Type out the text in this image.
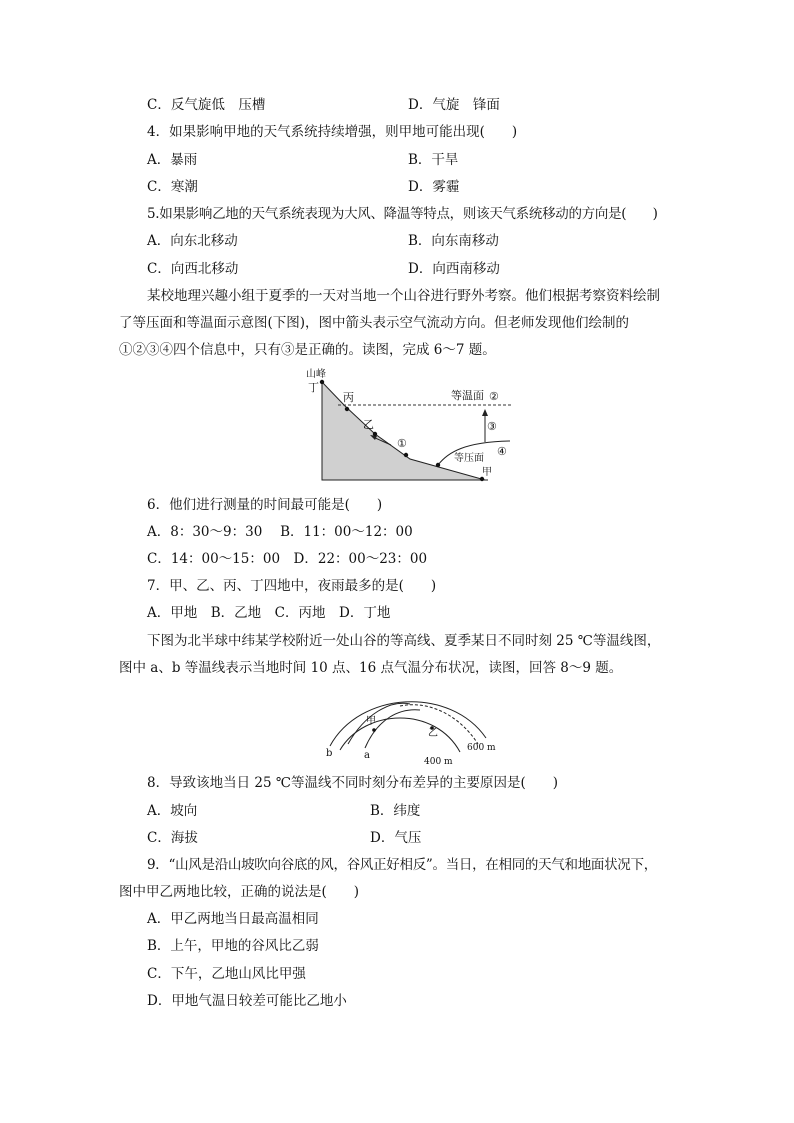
C．反气旋低　压槽	D．气旋　锋面
4．如果影响甲地的天气系统持续增强，则甲地可能出现(　　)
A．暴雨	B．干旱
C．寒潮	D．雾霾
5.如果影响乙地的天气系统表现为大风、降温等特点，则该天气系统移动的方向是(　　)
A．向东北移动	B．向东南移动
C．向西北移动	D．向西南移动
某校地理兴趣小组于夏季的一天对当地一个山谷进行野外考察。他们根据考察资料绘制
了等压面和等温面示意图(下图)，图中箭头表示空气流动方向。但老师发现他们绘制的
①②③④四个信息中，只有③是正确的。读图，完成 6～7 题。
山峰
丁
丙
乙
甲
等温面
等压面
①
②
③
④
6．他们进行测量的时间最可能是(　　)
A．8：30～9：30　 B．11：00～12：00
C．14：00～15：00　D．22：00～23：00
7．甲、乙、丙、丁四地中，夜雨最多的是(　　)
A．甲地　B．乙地　C．丙地　D．丁地
下图为北半球中纬某学校附近一处山谷的等高线、夏季某日不同时刻 25 ℃等温线图，
图中 a、b 等温线表示当地时间 10 点、16 点气温分布状况，读图，回答 8～9 题。
b	a
甲
乙
400 m
600 m
8．导致该地当日 25 ℃等温线不同时刻分布差异的主要原因是(　　)
A．坡向	B．纬度
C．海拔	D．气压
9．“山风是沿山坡吹向谷底的风，谷风正好相反”。当日，在相同的天气和地面状况下，
图中甲乙两地比较，正确的说法是(　　)
A．甲乙两地当日最高温相同
B．上午，甲地的谷风比乙弱
C．下午，乙地山风比甲强
D．甲地气温日较差可能比乙地小
